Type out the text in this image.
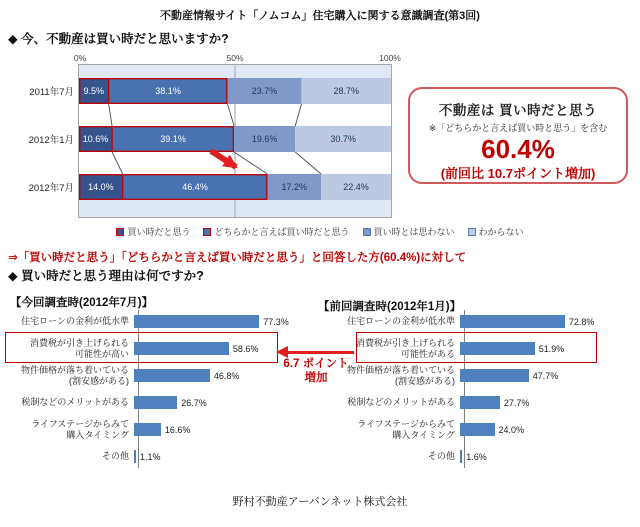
不動産情報サイト「ノムコム」住宅購入に関する意識調査(第3回)
◆ 今、不動産は買い時だと思いますか?
0%	50%	100%
9.5%	38.1%	23.7%	28.7%
10.6%	39.1%	19.6%	30.7%
14.0%	46.4%	17.2%	22.4%
2011年7月
2012年1月
2012年7月
買い時だと思う	どちらかと言えば買い時だと思う	買い時とは思わない	わからない
不動産は 買い時だと思う
※「どちらかと言えば買い時と思う」を含む
60.4%
(前回比 10.7ポイント増加)
⇒「買い時だと思う」「どちらかと言えば買い時だと思う」と回答した方(60.4%)に対して
◆ 買い時だと思う理由は何ですか?
【今回調査時(2012年7月)】	【前回調査時(2012年1月)】
住宅ローンの金利が低水準	77.3%
消費税が引き上げられる
可能性が高い	58.6%
物件価格が落ち着いている
(割安感がある)	46.8%
税制などのメリットがある	26.7%
ライフステージからみて
購入タイミング	16.6%
その他	1.1%
住宅ローンの金利が低水準	72.8%
消費税が引き上げられる
可能性がある	51.9%
物件価格が落ち着いている
(割安感がある)	47.7%
税制などのメリットがある	27.7%
ライフステージからみて
購入タイミング	24.0%
その他	1.6%
6.7 ポイント
増加
野村不動産アーバンネット株式会社
